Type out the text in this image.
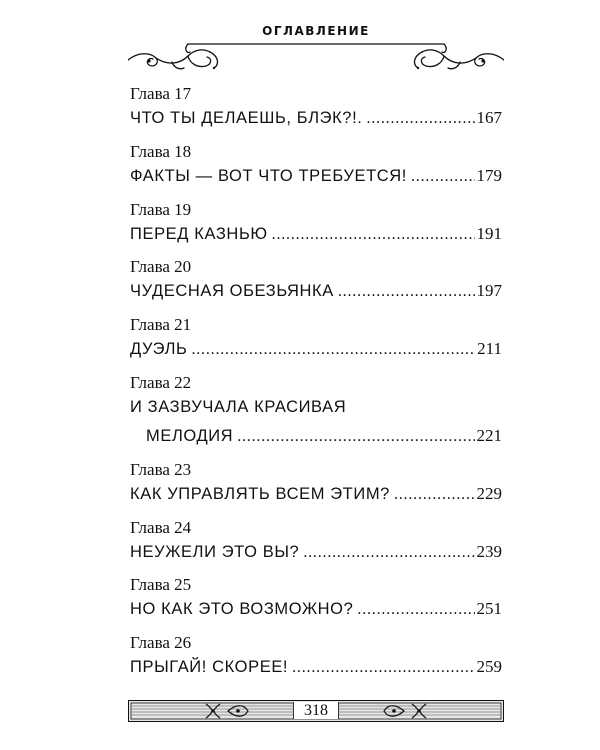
ОГЛАВЛЕНИЕ
Глава 17
ЧТО ТЫ ДЕЛАЕШЬ, БЛЭК?!. . . .	167
Глава 18
ФАКТЫ — ВОТ ЧТО ТРЕБУЕТСЯ! . . .	179
Глава 19
ПЕРЕД КАЗНЬЮ . . .	191
Глава 20
ЧУДЕСНАЯ ОБЕЗЬЯНКА . . .	197
Глава 21
ДУЭЛЬ . . .	211
Глава 22
И ЗАЗВУЧАЛА КРАСИВАЯ
МЕЛОДИЯ . . .	221
Глава 23
КАК УПРАВЛЯТЬ ВСЕМ ЭТИМ? . . .	229
Глава 24
НЕУЖЕЛИ ЭТО ВЫ? . . .	239
Глава 25
НО КАК ЭТО ВОЗМОЖНО? . . .	251
Глава 26
ПРЫГАЙ! СКОРЕЕ! . . .	259
318
